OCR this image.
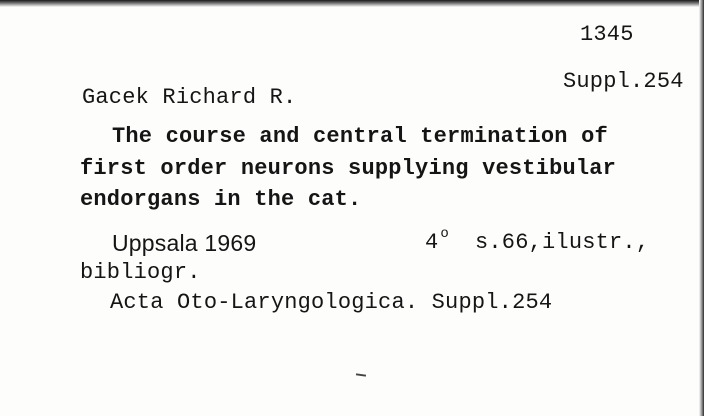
1345
Suppl.254
Gacek Richard R.
The course and central termination of
first order neurons supplying vestibular
endorgans in the cat.
Uppsala 1969	4 $^o$ s.66,ilustr.,
bibliogr.
Acta Oto-Laryngologica. Suppl.254
